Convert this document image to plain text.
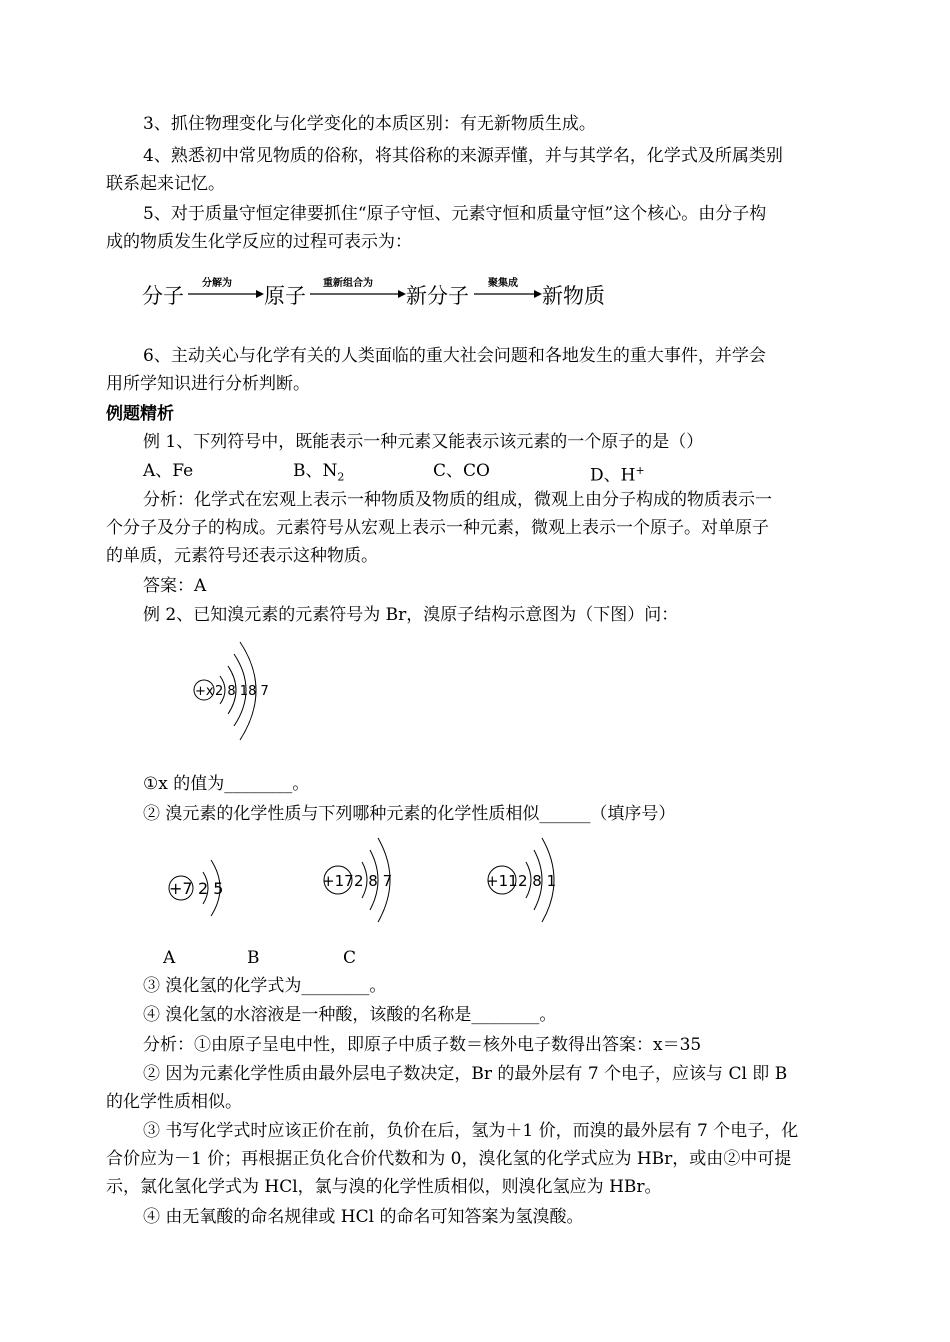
3、抓住物理变化与化学变化的本质区别：有无新物质生成。
4、熟悉初中常见物质的俗称，将其俗称的来源弄懂，并与其学名，化学式及所属类别
联系起来记忆。
5、对于质量守恒定律要抓住“原子守恒、元素守恒和质量守恒”这个核心。由分子构
成的物质发生化学反应的过程可表示为：
分子
分解为
原子
重新组合为
新分子
聚集成
新物质
6、主动关心与化学有关的人类面临的重大社会问题和各地发生的重大事件，并学会
用所学知识进行分析判断。
例题精析
例 1、下列符号中，既能表示一种元素又能表示该元素的一个原子的是（）
A、Fe	B、$N_2$	C、CO	D、H+
分析：化学式在宏观上表示一种物质及物质的组成，微观上由分子构成的物质表示一
个分子及分子的构成。元素符号从宏观上表示一种元素，微观上表示一个原子。对单原子
的单质，元素符号还表示这种物质。
答案：A
例 2、已知溴元素的元素符号为 Br，溴原子结构示意图为（下图）问：
+x 2 8 18 7
①x 的值为________。
② 溴元素的化学性质与下列哪种元素的化学性质相似______（填序号）
+7 2 5	+17 2 8 7	+11 2 8 1
A	B	C
③ 溴化氢的化学式为________。
④ 溴化氢的水溶液是一种酸，该酸的名称是________。
分析：①由原子呈电中性，即原子中质子数＝核外电子数得出答案：x＝35
② 因为元素化学性质由最外层电子数决定，Br 的最外层有 7 个电子，应该与 Cl 即 B
的化学性质相似。
③ 书写化学式时应该正价在前，负价在后，氢为＋1 价，而溴的最外层有 7 个电子，化
合价应为－1 价；再根据正负化合价代数和为 0，溴化氢的化学式应为 HBr，或由②中可提
示，氯化氢化学式为 HCl，氯与溴的化学性质相似，则溴化氢应为 HBr。
④ 由无氧酸的命名规律或 HCl 的命名可知答案为氢溴酸。
